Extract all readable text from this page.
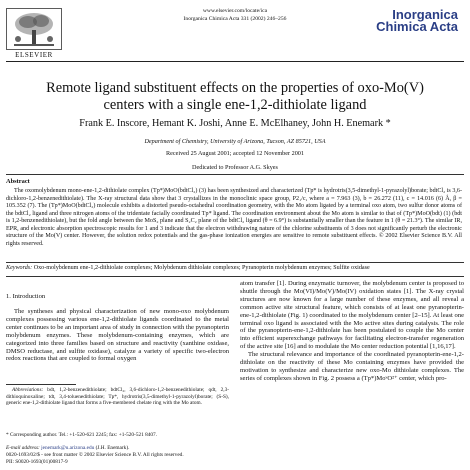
ELSEVIER
www.elsevier.com/locate/ica
Inorganica Chimica Acta 331 (2002) 246–256	Inorganica
Chimica Acta
Remote ligand substituent effects on the properties of oxo-Mo(V)
centers with a single ene-1,2-dithiolate ligand
Frank E. Inscore, Hemant K. Joshi, Anne E. McElhaney, John H. Enemark *
Department of Chemistry, University of Arizona, Tucson, AZ 85721, USA
Received 25 August 2001; accepted 12 November 2001
Dedicated to Professor A.G. Skyes
Abstract
The oxomolybdenum mono-ene-1,2-dithiolate complex (Tp*)MoO(bdtCl₂) (3) has been synthesized and characterized (Tp* is hydrotris(3,5-dimethyl-1-pyrazolyl)borate; bdtCl₂ is 3,6-dichloro-1,2-benzenedithiolate). The X-ray structural data show that 3 crystallizes in the monoclinic space group, P2₁/c, where a = 7.963 (3), b = 26.272 (11), c = 14.016 (6) Å, β = 105.352 (7). The (Tp*)MoO(bdtCl₂) molecule exhibits a distorted pseudo-octahedral coordination geometry, with the Mo atom ligated by a terminal oxo atom, two sulfur donor atoms of the bdtCl₂ ligand and three nitrogen atoms of the tridentate facially coordinated Tp* ligand. The coordination environment about the Mo atom is similar to that of (Tp*)MoO(bdt) (1) (bdt is 1,2-benzenedithiolate), but the fold angle between the MoS₂ plane and S₂C₂ plane of the bdtCl₂ ligand (θ = 6.9°) is substantially smaller than the feature in 1 (θ = 21.3°). The similar IR, EPR, and electronic absorption spectroscopic results for 1 and 3 indicate that the electron withdrawing nature of the chlorine substituents of 3 does not significantly perturb the electronic structure of the Mo(V) center. However, the solution redox potentials and the gas-phase ionization energies are sensitive to remote substituent effects. © 2002 Elsevier Science B.V. All rights reserved.
Keywords: Oxo-molybdenum ene-1,2-dithiolate complexes; Molybdenum dithiolate complexes; Pyranopterin molybdenum enzymes; Sulfite oxidase
1. Introduction
The syntheses and physical characterization of new mono-oxo molybdenum complexes possessing various ene-1,2-dithiolate ligands coordinated to the metal center continues to be an important area of study in connection with the pyranopterin molybdenum enzymes. These molybdenum-containing enzymes, which are categorized into three families based on structure and reactivity (xanthine oxidase, DMSO reductase, and sulfite oxidase), catalyze a variety of specific two-electron redox reactions that are coupled to formal oxygen
Abbreviations: bdt, 1,2-benzenedithiolate; bdtCl₂, 3,6-dichloro-1,2-benzenedithiolate; qdt, 2,3-dithioquinoxaline; tdt, 3,4-toluenedithiolate; Tp*, hydrotris(3,5-dimethyl-1-pyrazolyl)borate; (S-S), generic ene-1,2-dithiolate ligand that forms a five-membered chelate ring with the Mo atom.
* Corresponding author. Tel.: +1-520-621 2245; fax: +1-520-521 8407.
E-mail address: jenemark@u.arizona.edu (J.H. Enemark).
0020-1693/02/$ - see front matter © 2002 Elsevier Science B.V. All rights reserved.
PII: S0020-1693(01)00817-9

atom transfer [1]. During enzymatic turnover, the molybdenum center is proposed to shuttle through the Mo(VI)/Mo(V)/Mo(IV) oxidation states [1]. The X-ray crystal structures are now known for a large number of these enzymes, and all reveal a common active site structural feature, which consists of at least one pyranopterin-ene-1,2-dithiolate (Fig. 1) coordinated to the molybdenum center [2–15]. At least one terminal oxo ligand is associated with the Mo active sites during catalysis. The role of the pyranopterin-ene-1,2-dithiolate has been postulated to couple the Mo center into efficient superexchange pathways for facilitating electron-transfer regeneration of the active site [16] and to modulate the Mo center reduction potential [1,16,17].

The structural relevance and importance of the coordinated pyranopterin-ene-1,2-dithiolate on the reactivity of these Mo containing enzymes have provided the motivation to synthesize and characterize new oxo-Mo dithiolate complexes. The series of complexes shown in Fig. 2 possess a (Tp*)MoᵛO²⁺ center, which pro-
